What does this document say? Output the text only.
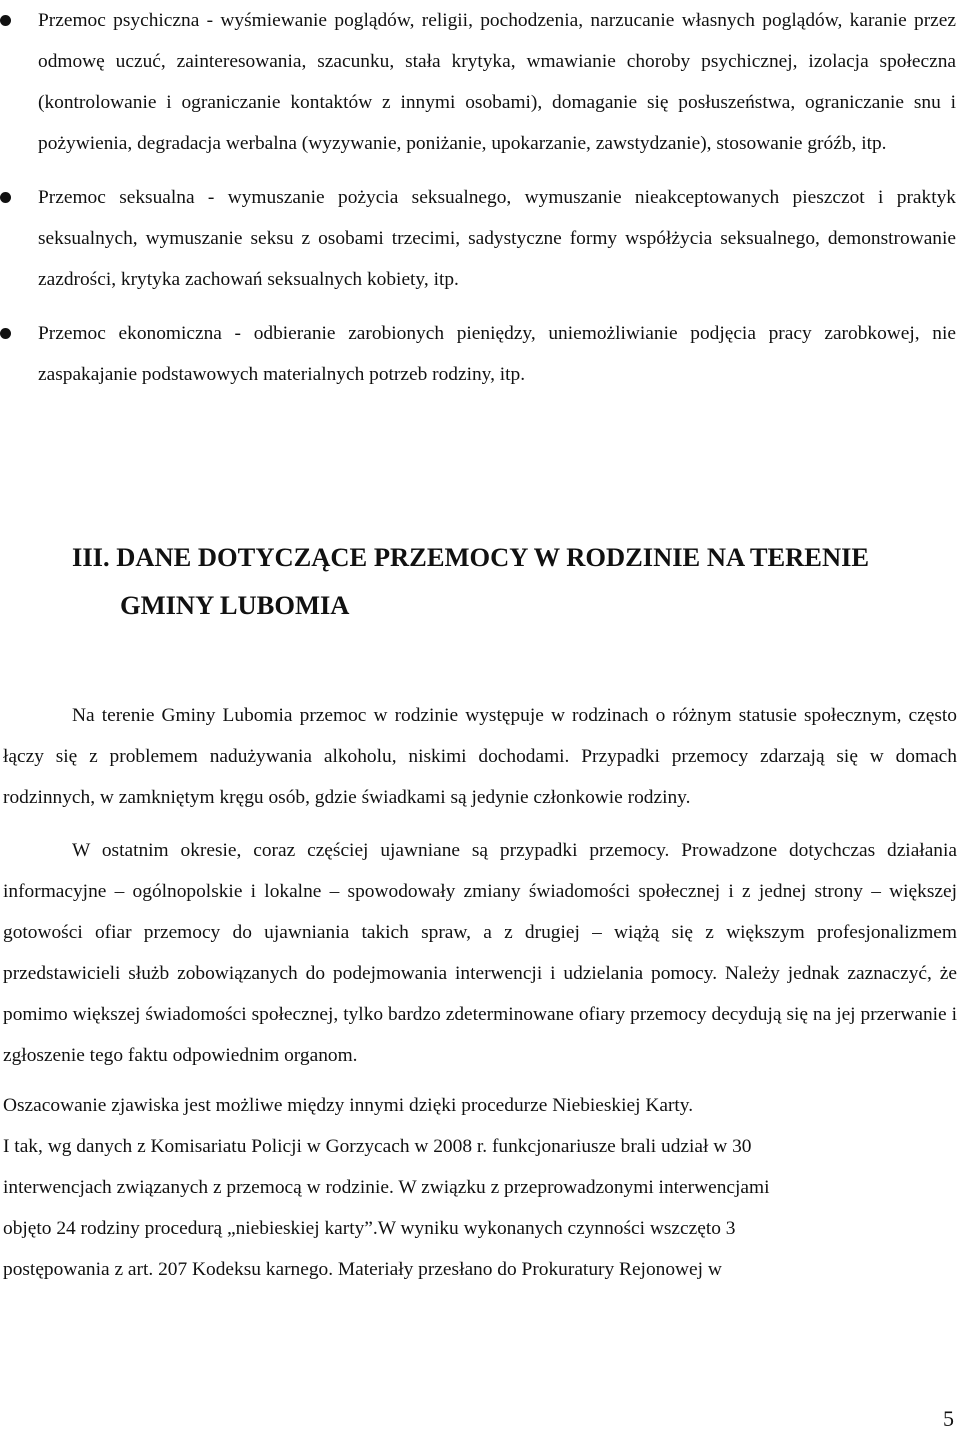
Przemoc psychiczna - wyśmiewanie poglądów, religii, pochodzenia, narzucanie własnych poglądów, karanie przez odmowę uczuć, zainteresowania, szacunku, stała krytyka, wmawianie choroby psychicznej, izolacja społeczna (kontrolowanie i ograniczanie kontaktów z innymi osobami), domaganie się posłuszeństwa, ograniczanie snu i pożywienia, degradacja werbalna (wyzywanie, poniżanie, upokarzanie, zawstydzanie), stosowanie gróźb, itp.
Przemoc seksualna - wymuszanie pożycia seksualnego, wymuszanie nieakceptowanych pieszczot i praktyk seksualnych, wymuszanie seksu z osobami trzecimi, sadystyczne formy współżycia seksualnego, demonstrowanie zazdrości, krytyka zachowań seksualnych kobiety, itp.
Przemoc ekonomiczna - odbieranie zarobionych pieniędzy, uniemożliwianie podjęcia pracy zarobkowej, nie zaspakajanie podstawowych materialnych potrzeb rodziny, itp.
III. DANE DOTYCZĄCE PRZEMOCY W RODZINIE NA TERENIE
GMINY LUBOMIA

Na terenie Gminy Lubomia przemoc w rodzinie występuje w rodzinach o różnym statusie społecznym, często łączy się z problemem nadużywania alkoholu, niskimi dochodami. Przypadki przemocy zdarzają się w domach rodzinnych, w zamkniętym kręgu osób, gdzie świadkami są jedynie członkowie rodziny.

W ostatnim okresie, coraz częściej ujawniane są przypadki przemocy. Prowadzone dotychczas działania informacyjne – ogólnopolskie i lokalne – spowodowały zmiany świadomości społecznej i z jednej strony – większej gotowości ofiar przemocy do ujawniania takich spraw, a z drugiej – wiążą się z większym profesjonalizmem przedstawicieli służb zobowiązanych do podejmowania interwencji i udzielania pomocy. Należy jednak zaznaczyć, że pomimo większej świadomości społecznej, tylko bardzo zdeterminowane ofiary przemocy decydują się na jej przerwanie i zgłoszenie tego faktu odpowiednim organom.

Oszacowanie zjawiska jest możliwe między innymi dzięki procedurze Niebieskiej Karty.

I tak, wg danych z Komisariatu Policji w Gorzycach w 2008 r. funkcjonariusze brali udział w 30

interwencjach związanych z przemocą w rodzinie. W związku z przeprowadzonymi interwencjami

objęto 24 rodziny procedurą „niebieskiej karty”.W wyniku wykonanych czynności wszczęto 3

postępowania z art. 207 Kodeksu karnego. Materiały przesłano do Prokuratury Rejonowej w

5
